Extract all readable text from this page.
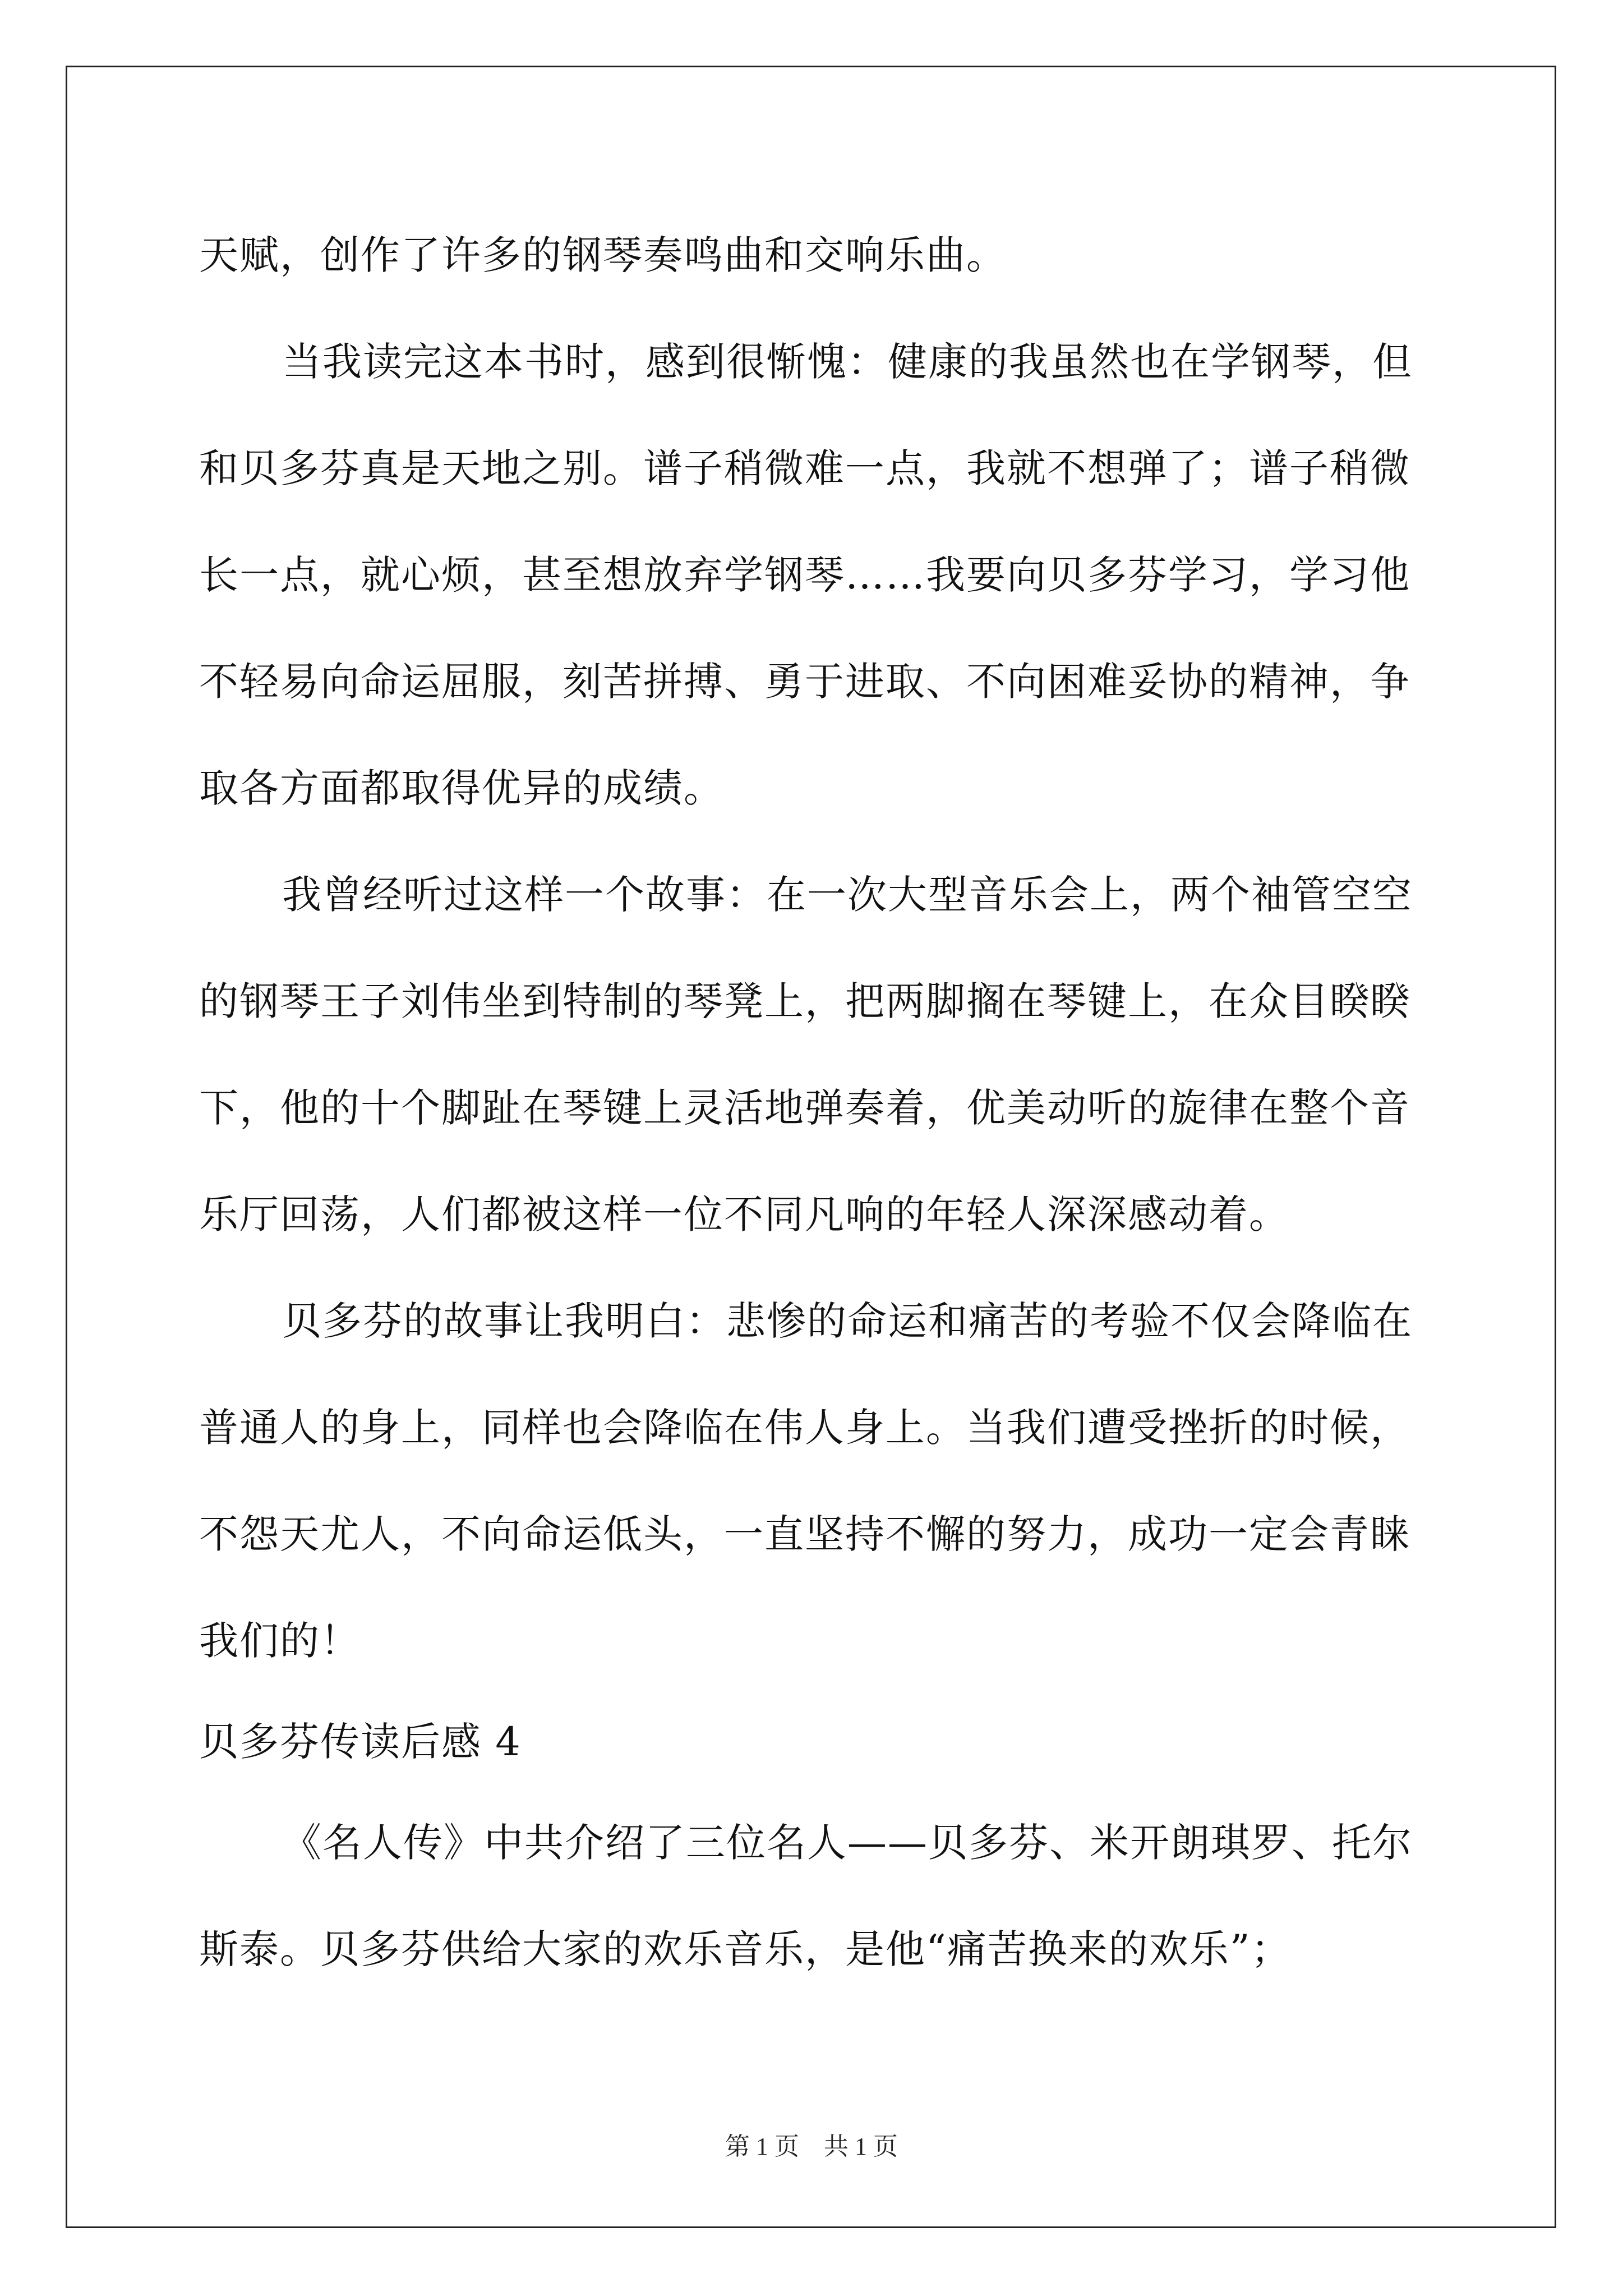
天赋，创作了许多的钢琴奏鸣曲和交响乐曲。
当我读完这本书时，感到很惭愧：健康的我虽然也在学钢琴，但
和贝多芬真是天地之别。谱子稍微难一点，我就不想弹了；谱子稍微
长一点，就心烦，甚至想放弃学钢琴……我要向贝多芬学习，学习他
不轻易向命运屈服，刻苦拼搏、勇于进取、不向困难妥协的精神，争
取各方面都取得优异的成绩。
我曾经听过这样一个故事：在一次大型音乐会上，两个袖管空空
的钢琴王子刘伟坐到特制的琴凳上，把两脚搁在琴键上，在众目睽睽
下，他的十个脚趾在琴键上灵活地弹奏着，优美动听的旋律在整个音
乐厅回荡，人们都被这样一位不同凡响的年轻人深深感动着。
贝多芬的故事让我明白：悲惨的命运和痛苦的考验不仅会降临在
普通人的身上，同样也会降临在伟人身上。当我们遭受挫折的时候，
不怨天尤人，不向命运低头，一直坚持不懈的努力，成功一定会青睐
我们的！
贝多芬传读后感 4
《名人传》中共介绍了三位名人——贝多芬、米开朗琪罗、托尔
斯泰。贝多芬供给大家的欢乐音乐，是他“痛苦换来的欢乐”；
第 1 页　共 1 页
